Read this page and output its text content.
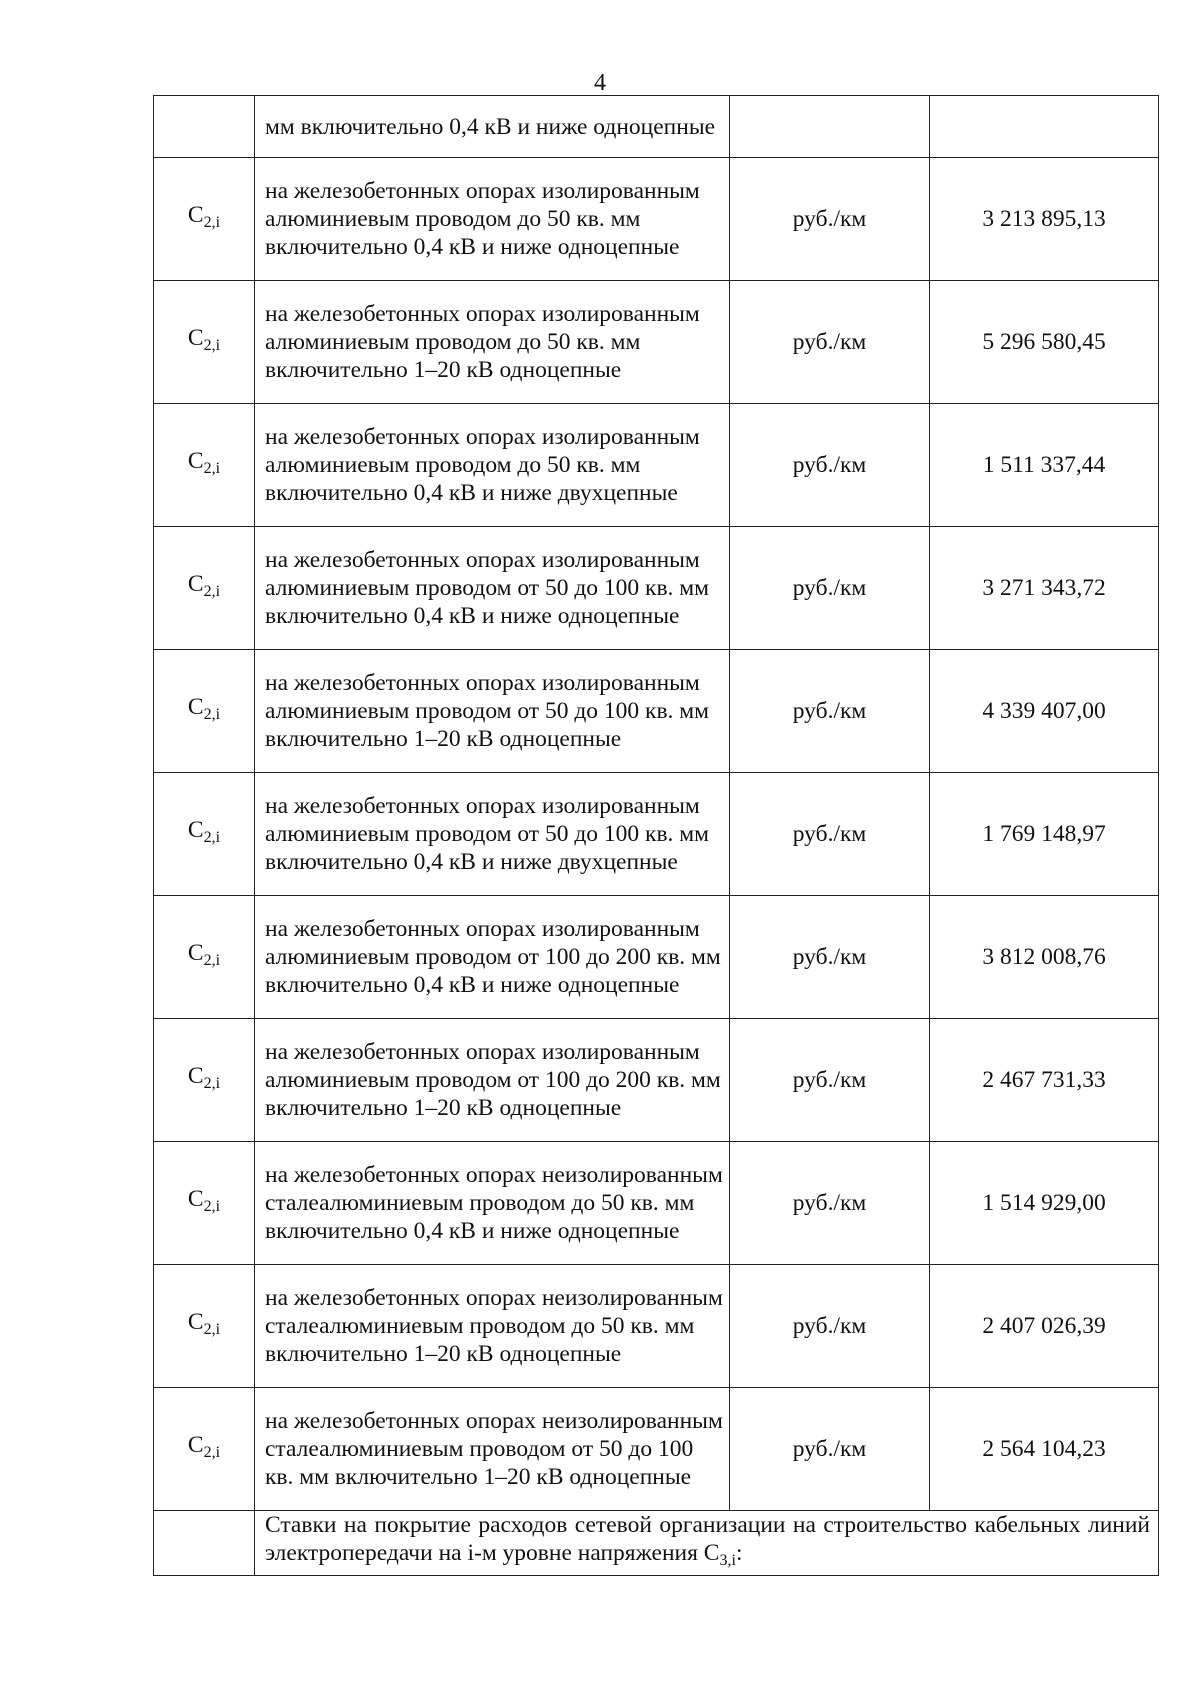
4
	мм включительно 0,4 кВ и ниже одноцепные		
$C_{2,i}$	на железобетонных опорах изолированным алюминиевым проводом до 50 кв. мм включительно 0,4 кВ и ниже одноцепные	руб./км	3 213 895,13
$C_{2,i}$	на железобетонных опорах изолированным алюминиевым проводом до 50 кв. мм включительно 1–20 кВ одноцепные	руб./км	5 296 580,45
$C_{2,i}$	на железобетонных опорах изолированным алюминиевым проводом до 50 кв. мм включительно 0,4 кВ и ниже двухцепные	руб./км	1 511 337,44
$C_{2,i}$	на железобетонных опорах изолированным алюминиевым проводом от 50 до 100 кв. мм включительно 0,4 кВ и ниже одноцепные	руб./км	3 271 343,72
$C_{2,i}$	на железобетонных опорах изолированным алюминиевым проводом от 50 до 100 кв. мм включительно 1–20 кВ одноцепные	руб./км	4 339 407,00
$C_{2,i}$	на железобетонных опорах изолированным алюминиевым проводом от 50 до 100 кв. мм включительно 0,4 кВ и ниже двухцепные	руб./км	1 769 148,97
$C_{2,i}$	на железобетонных опорах изолированным алюминиевым проводом от 100 до 200 кв. мм включительно 0,4 кВ и ниже одноцепные	руб./км	3 812 008,76
$C_{2,i}$	на железобетонных опорах изолированным алюминиевым проводом от 100 до 200 кв. мм включительно 1–20 кВ одноцепные	руб./км	2 467 731,33
$C_{2,i}$	на железобетонных опорах неизолированным сталеалюминиевым проводом до 50 кв. мм включительно 0,4 кВ и ниже одноцепные	руб./км	1 514 929,00
$C_{2,i}$	на железобетонных опорах неизолированным сталеалюминиевым проводом до 50 кв. мм включительно 1–20 кВ одноцепные	руб./км	2 407 026,39
$C_{2,i}$	на железобетонных опорах неизолированным сталеалюминиевым проводом от 50 до 100 кв. мм включительно 1–20 кВ одноцепные	руб./км	2 564 104,23
	Ставки на покрытие расходов сетевой организации на строительство кабельных линий электропередачи на i-м уровне напряжения $C_{3,i}$:		
